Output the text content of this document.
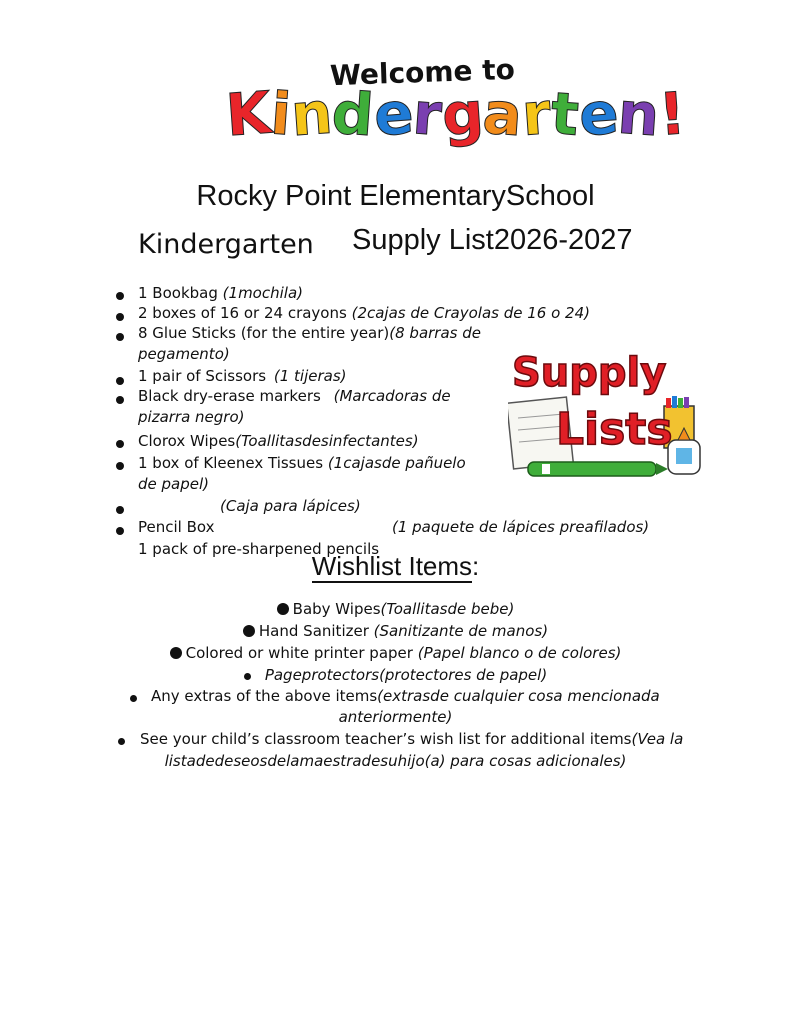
Welcome to
K
i
n
d
e
r
g
a
r
t
e
n
!
Rocky Point ElementarySchool
Kindergarten Supply List2026-2027
1 Bookbag (1mochila)
2 boxes of 16 or 24 crayons (2cajas de Crayolas de 16 o 24)
8 Glue Sticks (for the entire year)(8 barras de
pegamento)
1 pair of Scissors (1 tijeras)
Black dry-erase markers (Marcadoras de
pizarra negro)
Clorox Wipes(Toallitasdesinfectantes)
1 box of Kleenex Tissues (1cajasde pañuelo
de papel)
(Caja para lápices)
Pencil Box	(1 paquete de lápices preafilados)
1 pack of pre-sharpened pencils
Supply
Lists
Wishlist Items:
Baby Wipes(Toallitasde bebe)
Hand Sanitizer (Sanitizante de manos)
Colored or white printer paper (Papel blanco o de colores)
Pageprotectors(protectores de papel)
Any extras of the above items(extrasde cualquier cosa mencionada
anteriormente)
See your child’s classroom teacher’s wish list for additional items(Vea la
listadedeseosdelamaestradesuhijo(a) para cosas adicionales)
